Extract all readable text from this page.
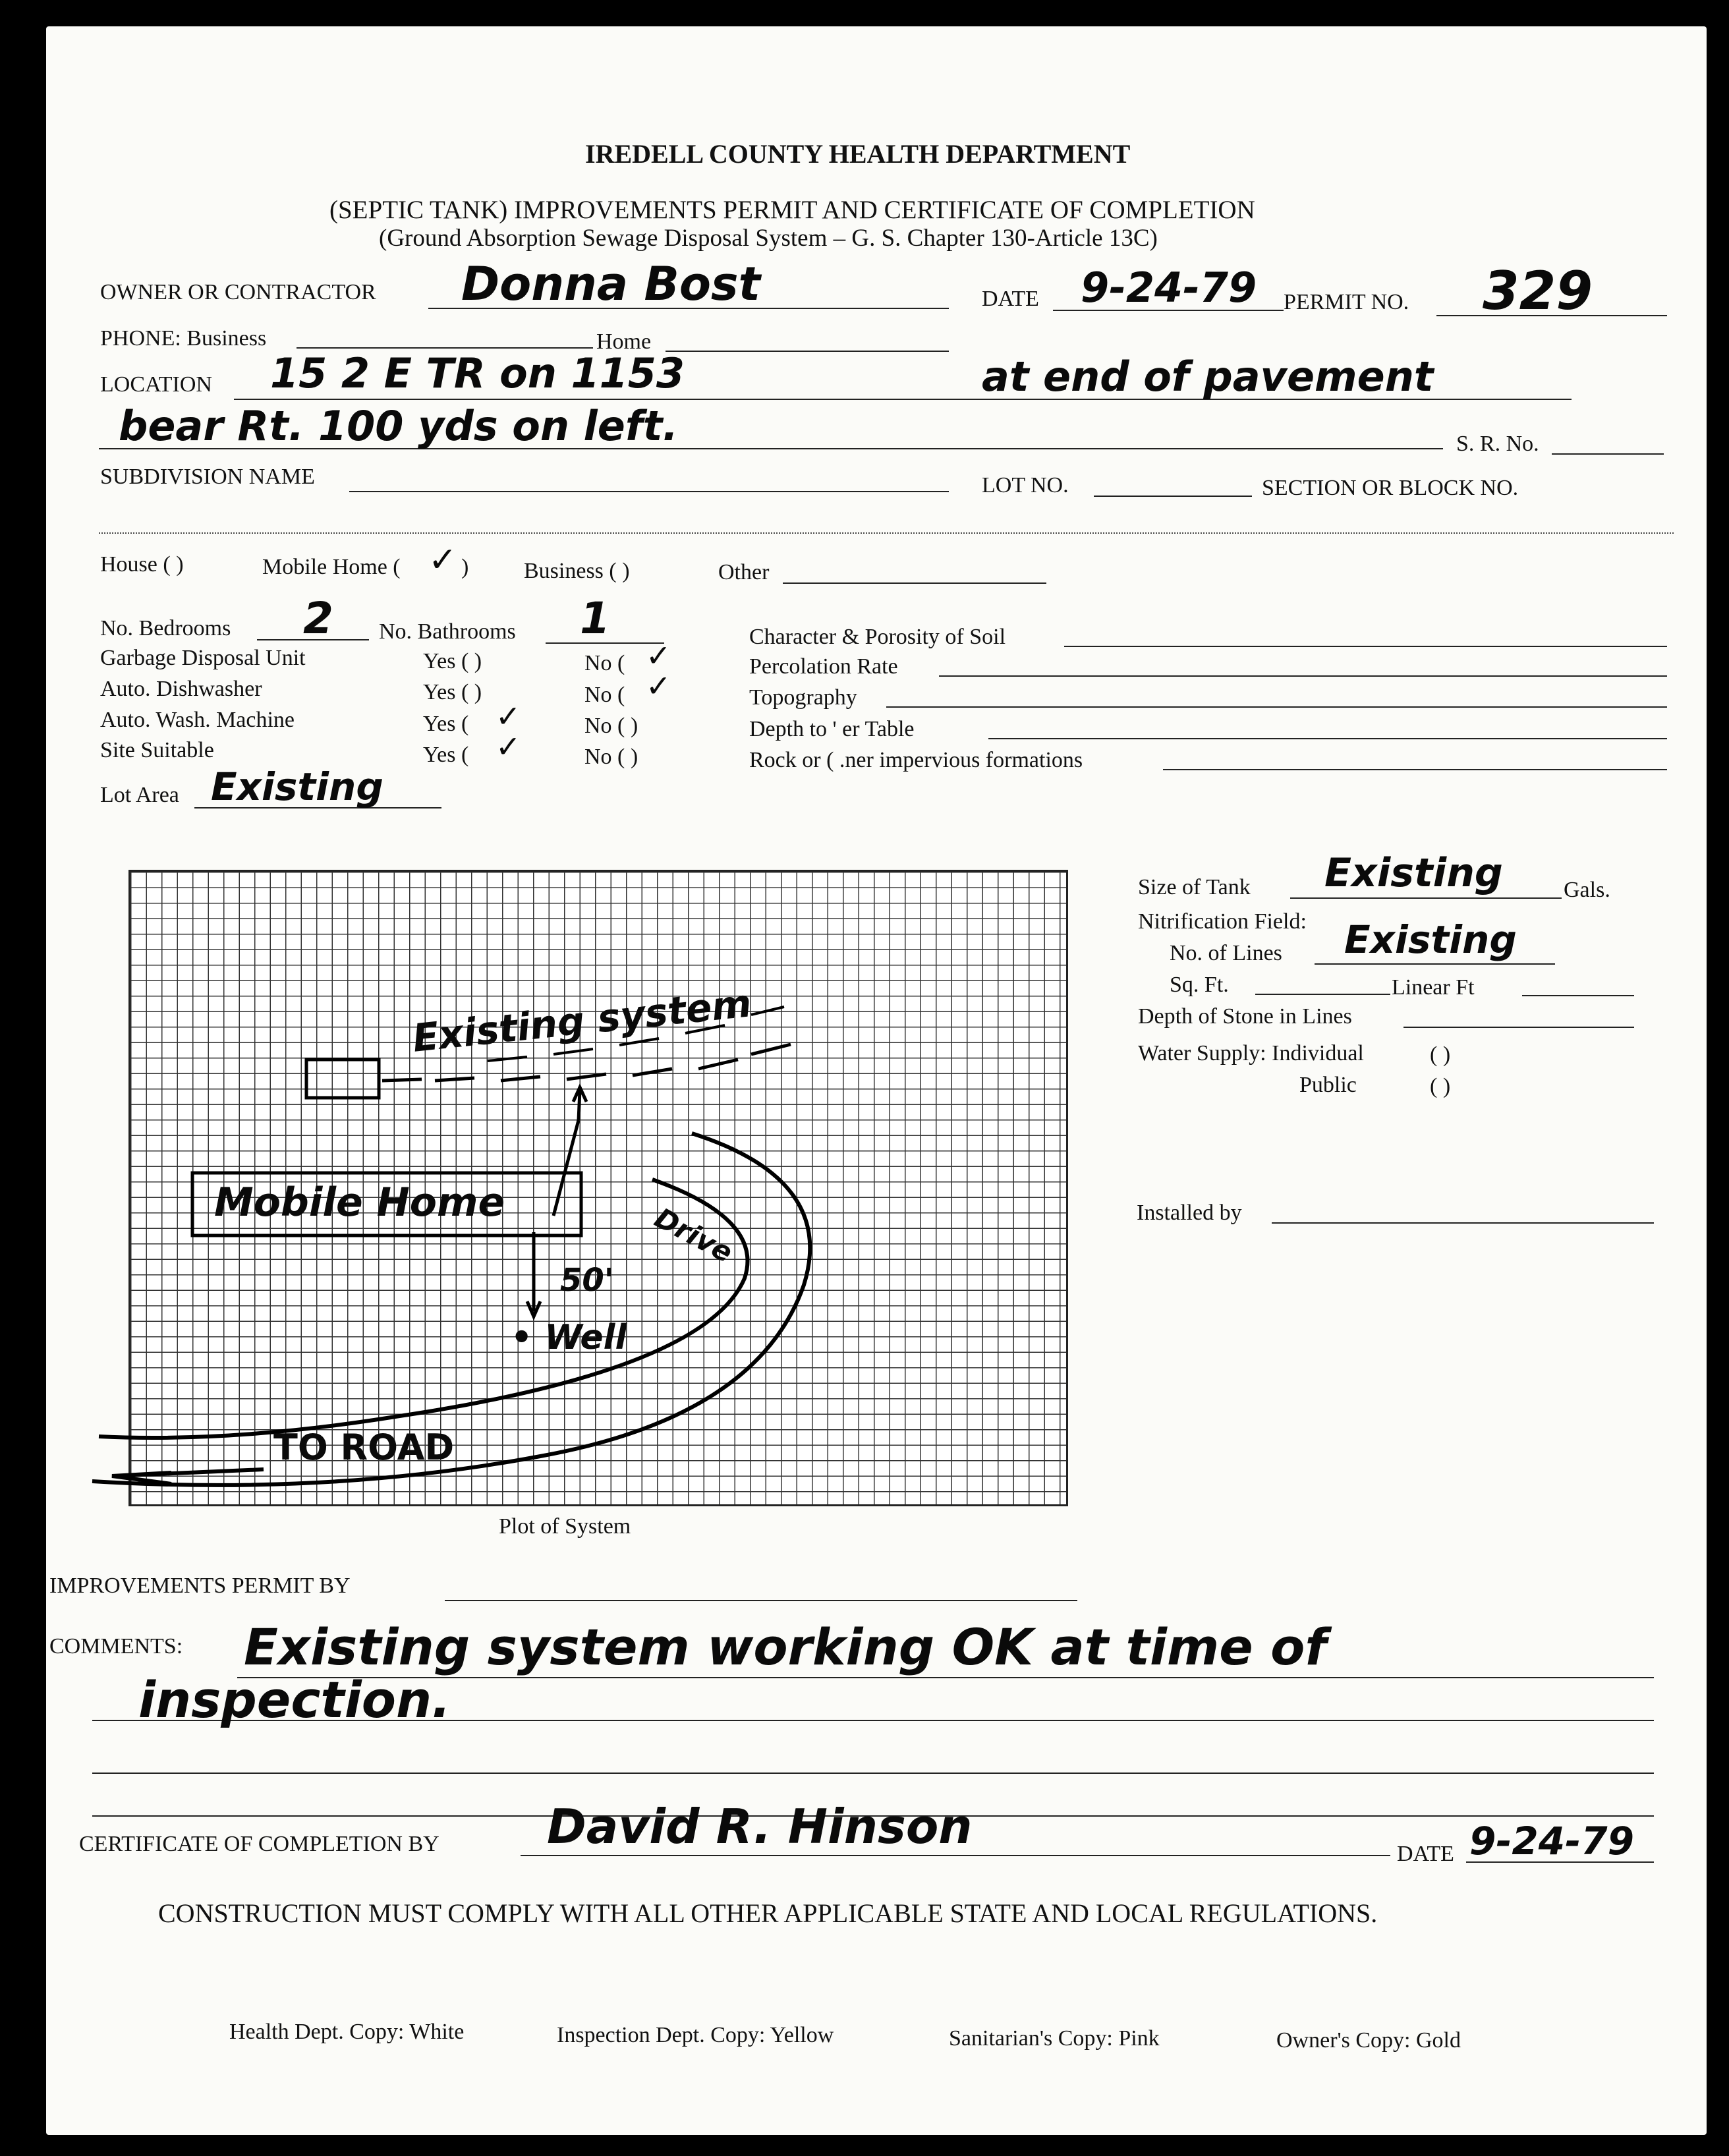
IREDELL COUNTY HEALTH DEPARTMENT
(SEPTIC TANK) IMPROVEMENTS PERMIT AND CERTIFICATE OF COMPLETION
(Ground Absorption Sewage Disposal System – G. S. Chapter 130-Article 13C)
OWNER OR CONTRACTOR Donna Bost	DATE 9-24-79 PERMIT NO. 329
PHONE: Business	Home
LOCATION 15 2 E TR on 1153	at end of pavement
bear Rt. 100 yds on left.	S. R. No.
SUBDIVISION NAME	LOT NO.	SECTION OR BLOCK NO.
House ( )	Mobile Home ( ✓ ) Business ( )	Other
No. Bedrooms 2 No. Bathrooms 1
Garbage Disposal Unit	Yes ( )	No ( ✓
Auto. Dishwasher	Yes ( )	No ( ✓
Auto. Wash. Machine	Yes ( ✓	No ( )
Site Suitable	Yes ( ✓	No ( )
Character & Porosity of Soil
Percolation Rate
Topography
Depth to ' er Table
Rock or ( .ner impervious formations
Lot Area Existing
Existing system
Mobile Home
50'
• Well
Drive
TO ROAD
Plot of System
Size of Tank Existing	Gals.
Nitrification Field:
No. of Lines Existing
Sq. Ft.	Linear Ft
Depth of Stone in Lines
Water Supply: Individual	( )
Public	( )
Installed by
IMPROVEMENTS PERMIT BY
COMMENTS: Existing system working OK at time of
inspection.
CERTIFICATE OF COMPLETION BY David R. Hinson	DATE 9-24-79
CONSTRUCTION MUST COMPLY WITH ALL OTHER APPLICABLE STATE AND LOCAL REGULATIONS.
Health Dept. Copy: White	Inspection Dept. Copy: Yellow	Sanitarian's Copy: Pink	Owner's Copy: Gold
